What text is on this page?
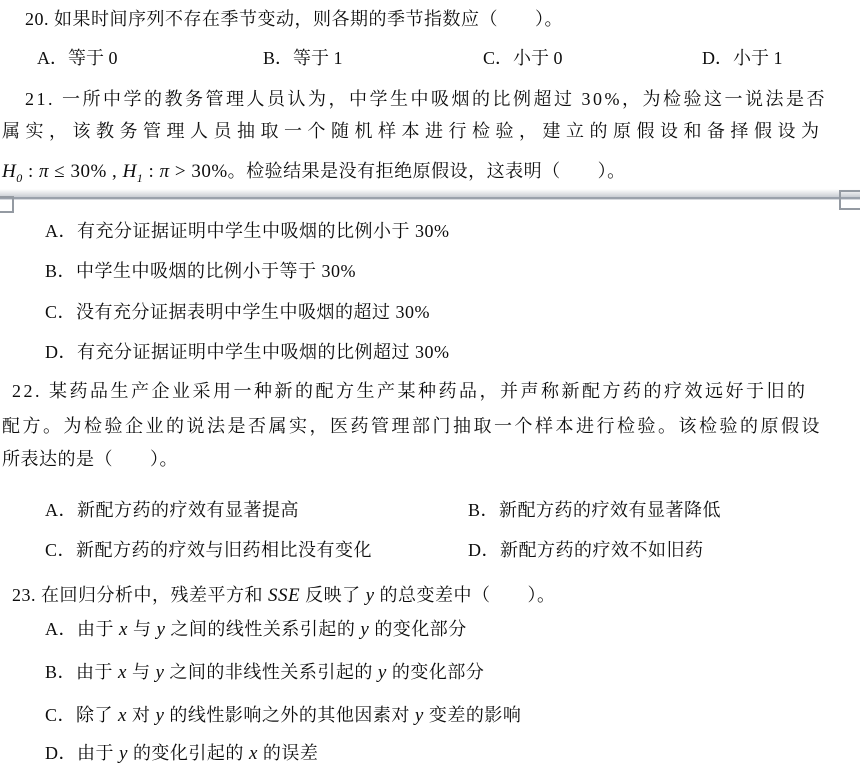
20. 如果时间序列不存在季节变动，则各期的季节指数应（　　）。
A．等于 0	B．等于 1	C．小于 0	D．小于 1
21. 一所中学的教务管理人员认为，中学生中吸烟的比例超过 30%，为检验这一说法是否
属实，该教务管理人员抽取一个随机样本进行检验，建立的原假设和备择假设为
$H_0$ : π ≤ 30% , $H_1$ : π > 30%。检验结果是没有拒绝原假设，这表明（　　）。
A．有充分证据证明中学生中吸烟的比例小于 30%
B．中学生中吸烟的比例小于等于 30%
C．没有充分证据表明中学生中吸烟的超过 30%
D．有充分证据证明中学生中吸烟的比例超过 30%
22. 某药品生产企业采用一种新的配方生产某种药品，并声称新配方药的疗效远好于旧的
配方。为检验企业的说法是否属实，医药管理部门抽取一个样本进行检验。该检验的原假设
所表达的是（　　）。
A．新配方药的疗效有显著提高	B．新配方药的疗效有显著降低
C．新配方药的疗效与旧药相比没有变化	D．新配方药的疗效不如旧药
23. 在回归分析中，残差平方和 SSE 反映了 y 的总变差中（　　）。
A．由于 x 与 y 之间的线性关系引起的 y 的变化部分
B．由于 x 与 y 之间的非线性关系引起的 y 的变化部分
C．除了 x 对 y 的线性影响之外的其他因素对 y 变差的影响
D．由于 y 的变化引起的 x 的误差
